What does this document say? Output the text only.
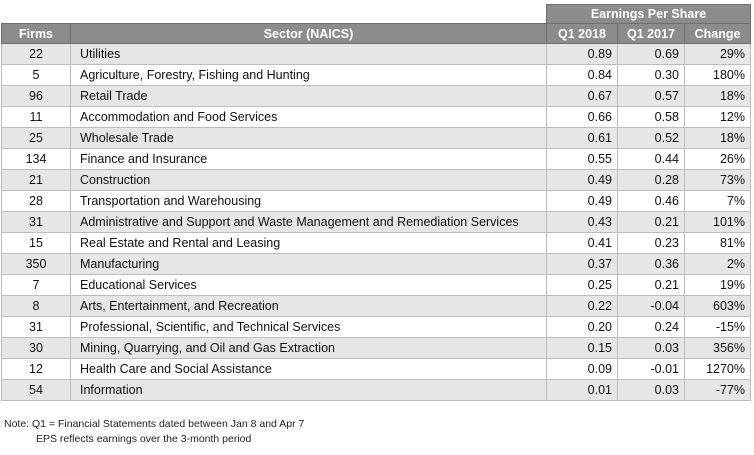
		Earnings Per Share		
Firms	Sector (NAICS)	Q1 2018	Q1 2017	Change
22	Utilities	0.89	0.69	29%
5	Agriculture, Forestry, Fishing and Hunting	0.84	0.30	180%
96	Retail Trade	0.67	0.57	18%
11	Accommodation and Food Services	0.66	0.58	12%
25	Wholesale Trade	0.61	0.52	18%
134	Finance and Insurance	0.55	0.44	26%
21	Construction	0.49	0.28	73%
28	Transportation and Warehousing	0.49	0.46	7%
31	Administrative and Support and Waste Management and Remediation Services	0.43	0.21	101%
15	Real Estate and Rental and Leasing	0.41	0.23	81%
350	Manufacturing	0.37	0.36	2%
7	Educational Services	0.25	0.21	19%
8	Arts, Entertainment, and Recreation	0.22	-0.04	603%
31	Professional, Scientific, and Technical Services	0.20	0.24	-15%
30	Mining, Quarrying, and Oil and Gas Extraction	0.15	0.03	356%
12	Health Care and Social Assistance	0.09	-0.01	1270%
54	Information	0.01	0.03	-77%
Note: Q1 = Financial Statements dated between Jan 8 and Apr 7
EPS reflects earnings over the 3-month period
